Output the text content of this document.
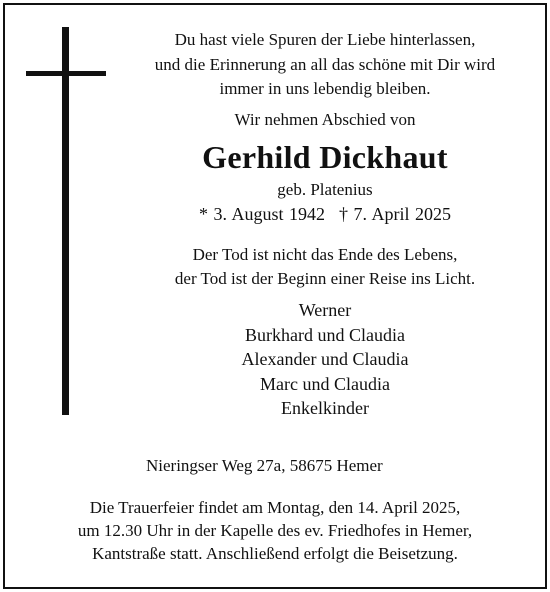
Du hast viele Spuren der Liebe hinterlassen,
und die Erinnerung an all das schöne mit Dir wird
immer in uns lebendig bleiben.
Wir nehmen Abschied von
Gerhild Dickhaut
geb. Platenius
* 3. August 1942 † 7. April 2025
Der Tod ist nicht das Ende des Lebens,
der Tod ist der Beginn einer Reise ins Licht.
Werner
Burkhard und Claudia
Alexander und Claudia
Marc und Claudia
Enkelkinder
Nieringser Weg 27a, 58675 Hemer
Die Trauerfeier findet am Montag, den 14. April 2025,
um 12.30 Uhr in der Kapelle des ev. Friedhofes in Hemer,
Kantstraße statt. Anschließend erfolgt die Beisetzung.
